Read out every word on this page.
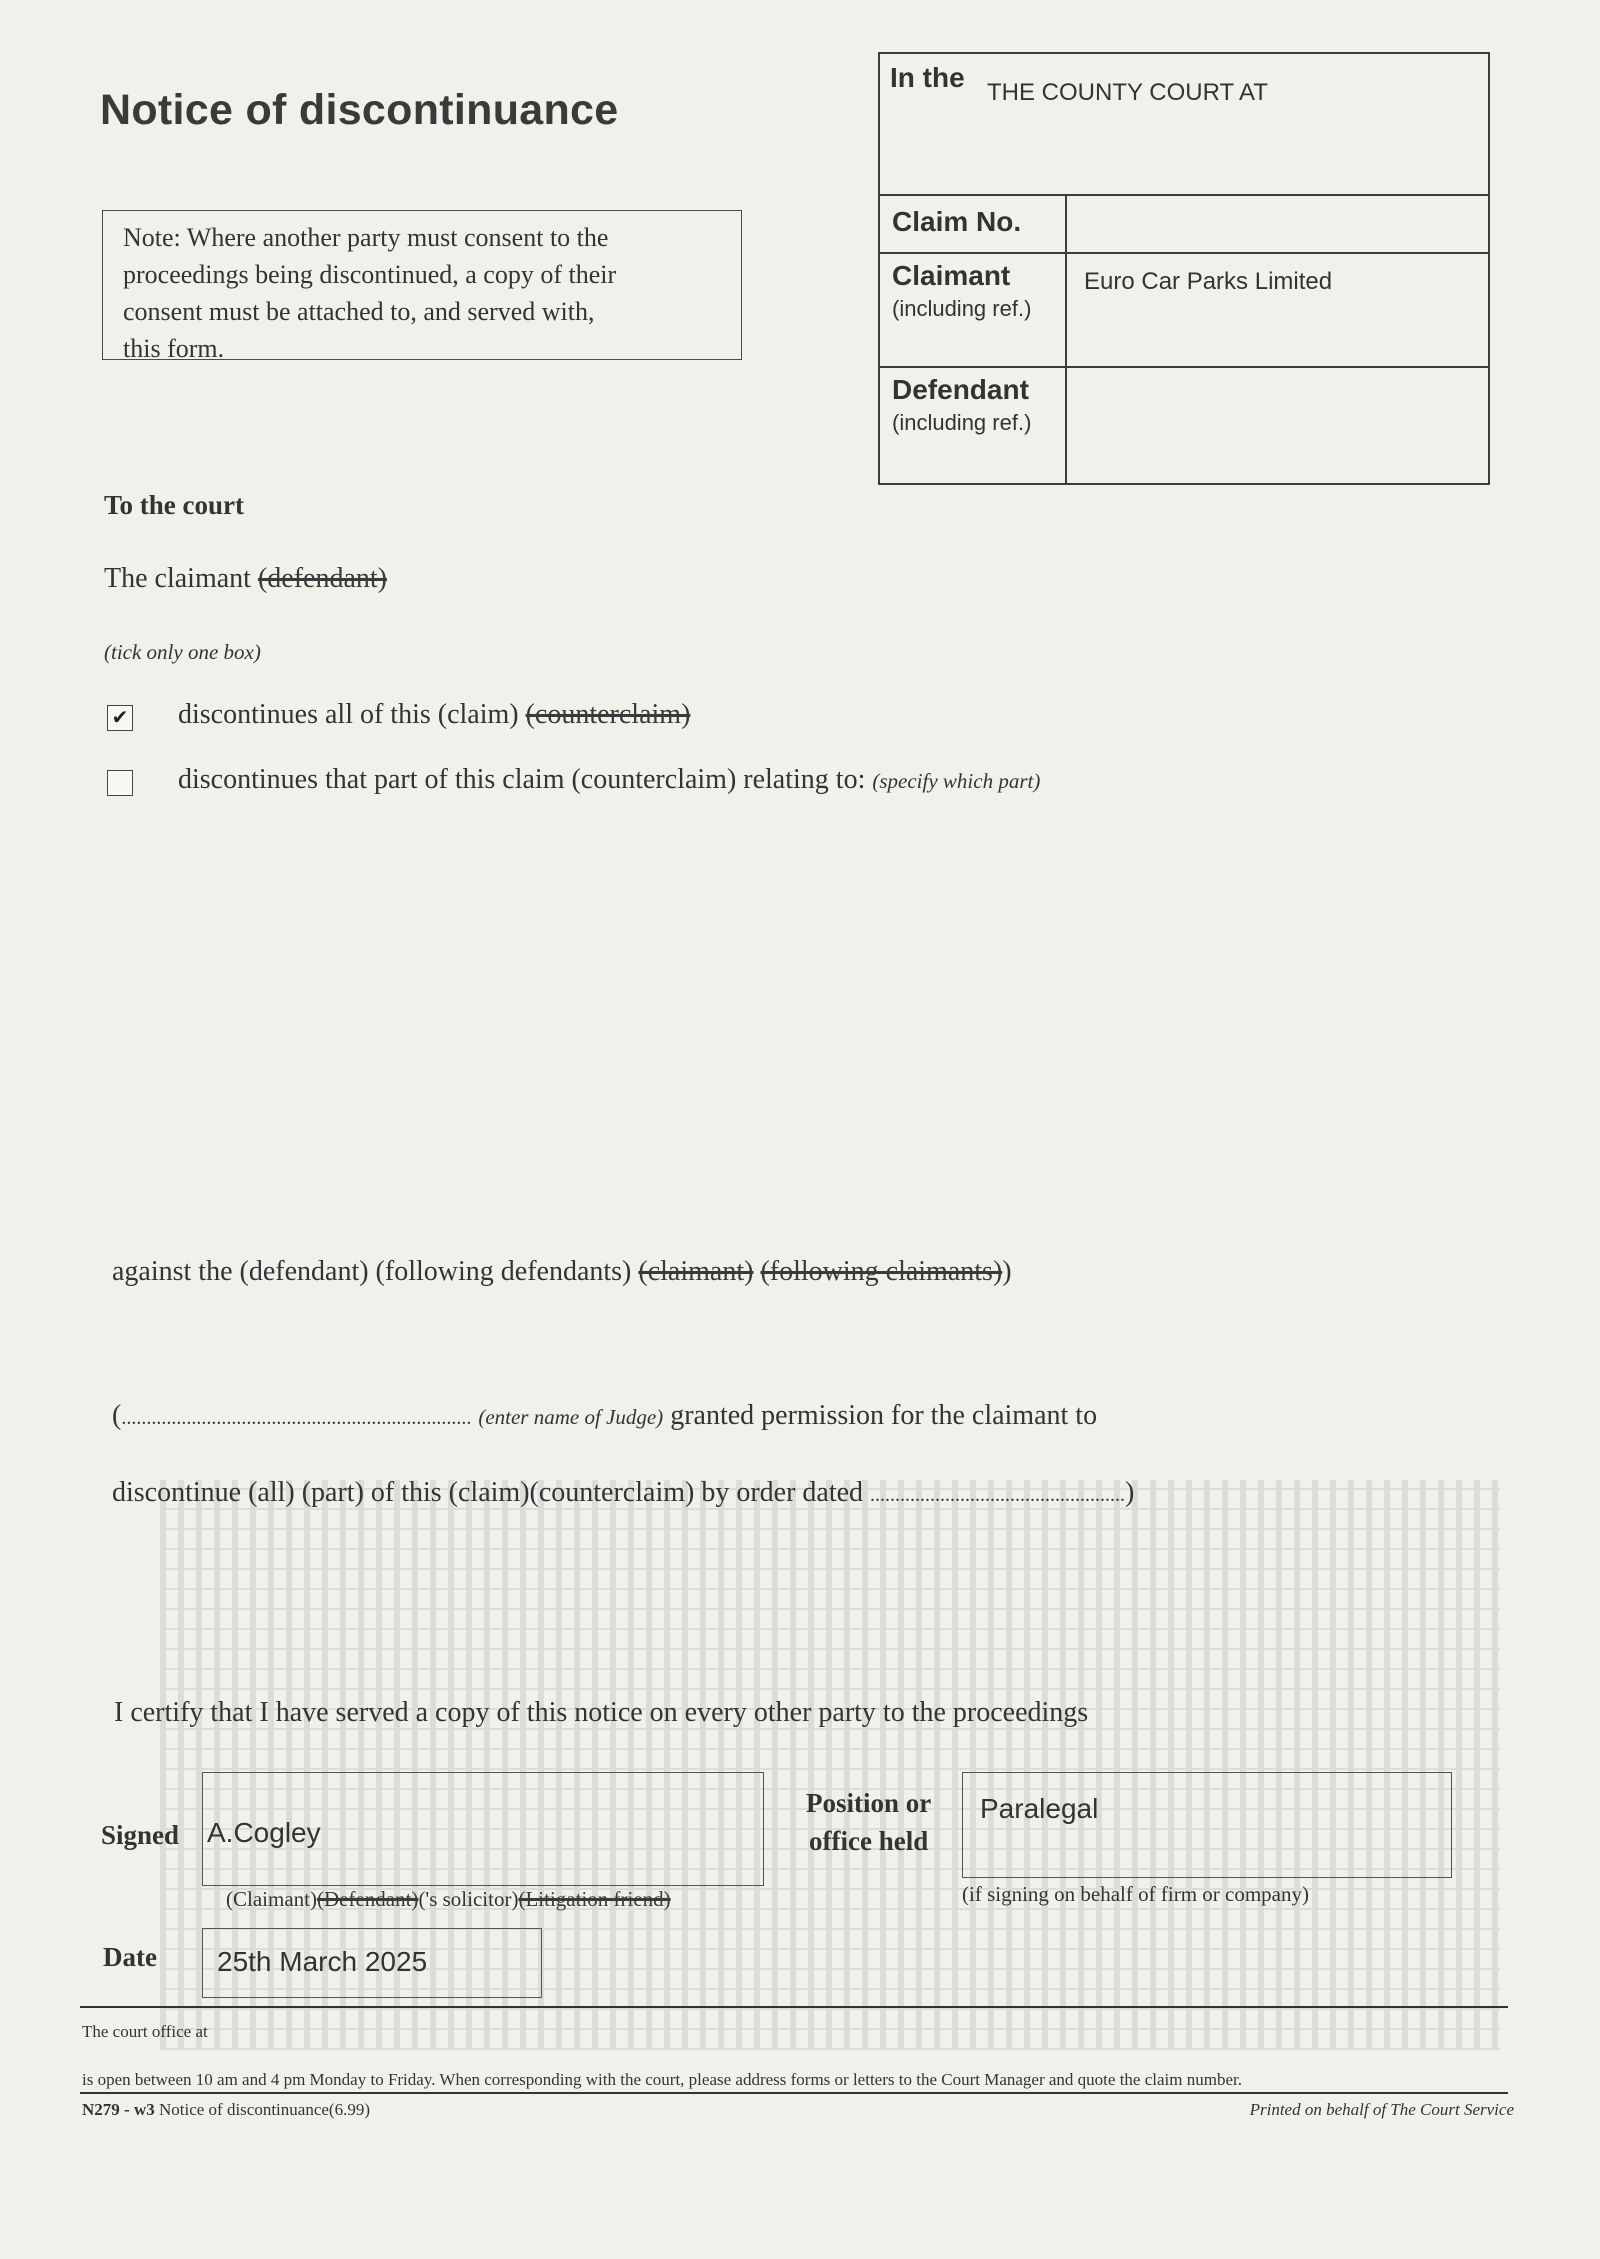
Notice of discontinuance
Note: Where another party must consent to the
proceedings being discontinued, a copy of their
consent must be attached to, and served with,
this form.
In the THE COUNTY COURT AT
Claim No.
Claimant
(including ref.)
Euro Car Parks Limited
Defendant
(including ref.)
To the court
The claimant (defendant)
(tick only one box)
✔ discontinues all of this (claim) (counterclaim)
discontinues that part of this claim (counterclaim) relating to: (specify which part)
against the (defendant) (following defendants) (claimant) (following claimants))
(...................................................................... (enter name of Judge) granted permission for the claimant to
discontinue (all) (part) of this (claim)(counterclaim) by order dated ...................................................)
I certify that I have served a copy of this notice on every other party to the proceedings
Signed A.Cogley
(Claimant)(Defendant)('s solicitor)(Litigation friend)
Position or
office held
Paralegal
(if signing on behalf of firm or company)
Date	25th March 2025
The court office at
is open between 10 am and 4 pm Monday to Friday. When corresponding with the court, please address forms or letters to the Court Manager and quote the claim number.
N279 - w3 Notice of discontinuance(6.99)	Printed on behalf of The Court Service
